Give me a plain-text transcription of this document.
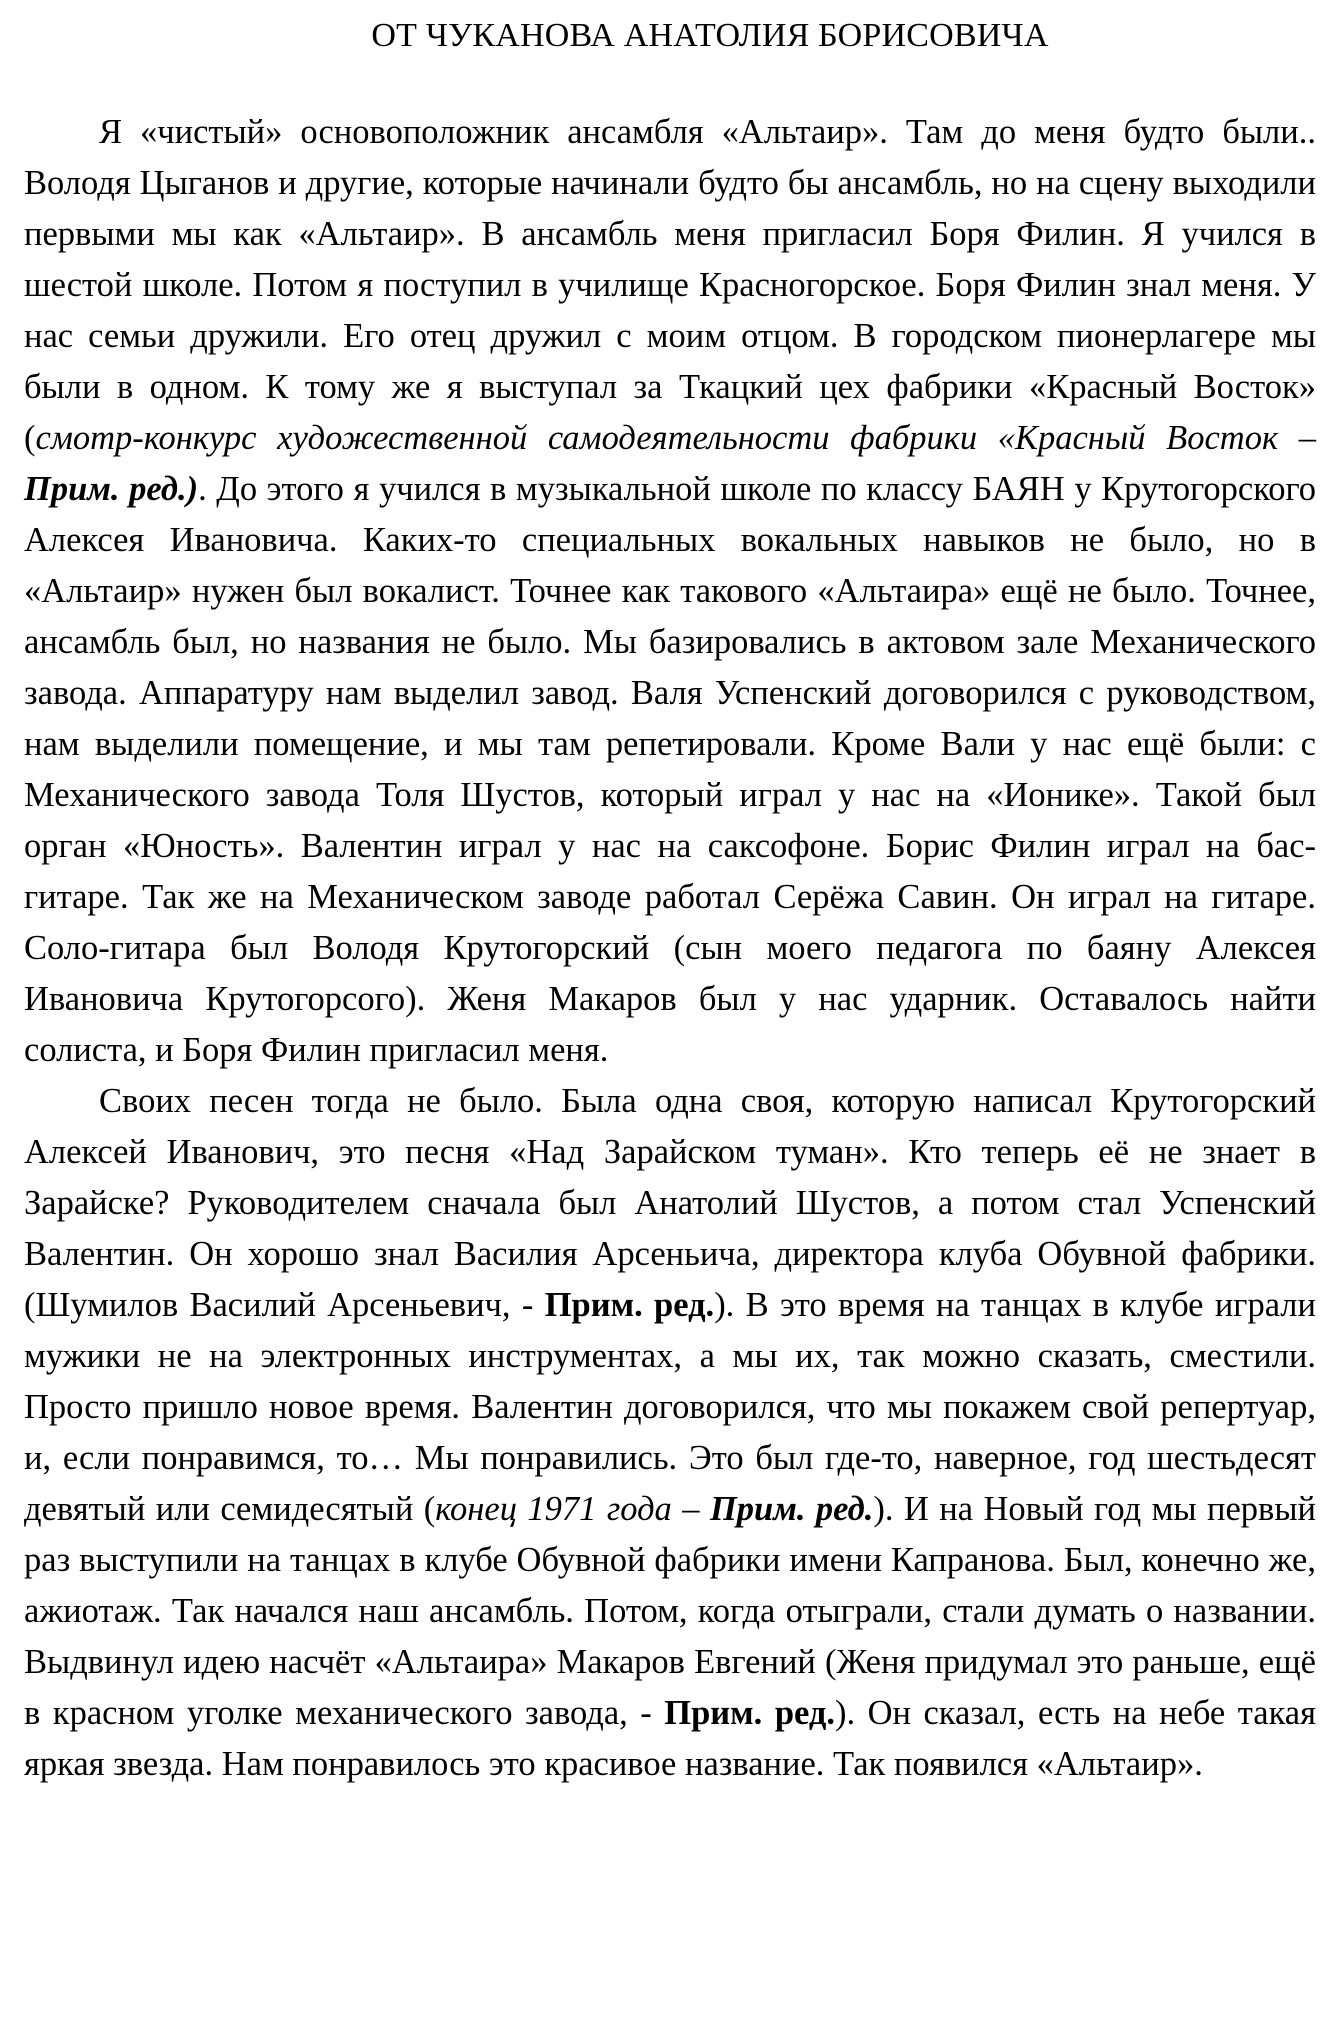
ОТ ЧУКАНОВА АНАТОЛИЯ БОРИСОВИЧА

Я «чистый» основоположник ансамбля «Альтаир». Там до меня будто были.. Володя Цыганов и другие, которые начинали будто бы ансамбль, но на сцену выходили первыми мы как «Альтаир». В ансамбль меня пригласил Боря Филин. Я учился в шестой школе. Потом я поступил в училище Красногорское. Боря Филин знал меня. У нас семьи дружили. Его отец дружил с моим отцом. В городском пионерлагере мы были в одном. К тому же я выступал за Ткацкий цех фабрики «Красный Восток» (смотр-конкурс художественной самодеятельности фабрики «Красный Восток – Прим. ред.). До этого я учился в музыкальной школе по классу БАЯН у Крутогорского Алексея Ивановича. Каких-то специальных вокальных навыков не было, но в «Альтаир» нужен был вокалист. Точнее как такового «Альтаира» ещё не было. Точнее, ансамбль был, но названия не было. Мы базировались в актовом зале Механического завода. Аппаратуру нам выделил завод. Валя Успенский договорился с руководством, нам выделили помещение, и мы там репетировали. Кроме Вали у нас ещё были: с Механического завода Толя Шустов, который играл у нас на «Ионике». Такой был орган «Юность». Валентин играл у нас на саксофоне. Борис Филин играл на бас-гитаре. Так же на Механическом заводе работал Серёжа Савин. Он играл на гитаре. Соло-гитара был Володя Крутогорский (сын моего педагога по баяну Алексея Ивановича Крутогорсого). Женя Макаров был у нас ударник. Оставалось найти солиста, и Боря Филин пригласил меня.

Своих песен тогда не было. Была одна своя, которую написал Крутогорский Алексей Иванович, это песня «Над Зарайском туман». Кто теперь её не знает в Зарайске? Руководителем сначала был Анатолий Шустов, а потом стал Успенский Валентин. Он хорошо знал Василия Арсеньича, директора клуба Обувной фабрики. (Шумилов Василий Арсеньевич, - Прим. ред.). В это время на танцах в клубе играли мужики не на электронных инструментах, а мы их, так можно сказать, сместили. Просто пришло новое время. Валентин договорился, что мы покажем свой репертуар, и, если понравимся, то… Мы понравились. Это был где-то, наверное, год шестьдесят девятый или семидесятый (конец 1971 года – Прим. ред.). И на Новый год мы первый раз выступили на танцах в клубе Обувной фабрики имени Капранова. Был, конечно же, ажиотаж. Так начался наш ансамбль. Потом, когда отыграли, стали думать о названии. Выдвинул идею насчёт «Альтаира» Макаров Евгений (Женя придумал это раньше, ещё в красном уголке механического завода, - Прим. ред.). Он сказал, есть на небе такая яркая звезда. Нам понравилось это красивое название. Так появился «Альтаир».
